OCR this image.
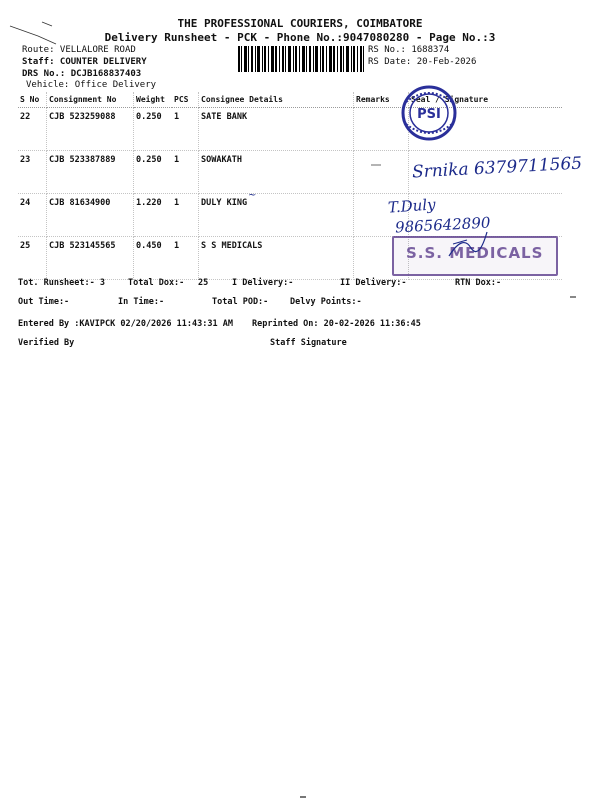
THE PROFESSIONAL COURIERS, COIMBATORE
Delivery Runsheet - PCK - Phone No.:9047080280 - Page No.:3
Route: VELLALORE ROAD
Staff: COUNTER DELIVERY
DRS No.: DCJB168837403
Vehicle: Office Delivery
RS No.: 1688374
RS Date: 20-Feb-2026
S No	Consignment No	Weight	PCS	Consignee Details	Remarks	Seal / Signature
22	CJB 523259088	0.250	1	SATE BANK		
23	CJB 523387889	0.250	1	SOWAKATH		
24	CJB 81634900	1.220	1	DULY KING		
25	CJB 523145565	0.450	1	S S MEDICALS		
PSI
Srnika 6379711565
T.Duly
9865642890
~
S.S. MEDICALS
Tot. Runsheet:- 3	Total Dox:- 25	I Delivery:-	II Delivery:-	RTN Dox:-
Out Time:-	In Time:-	Total POD:-	Delvy Points:-
Entered By :KAVIPCK 02/20/2026 11:43:31 AM Reprinted On: 20-02-2026 11:36:45
Verified By	Staff Signature
